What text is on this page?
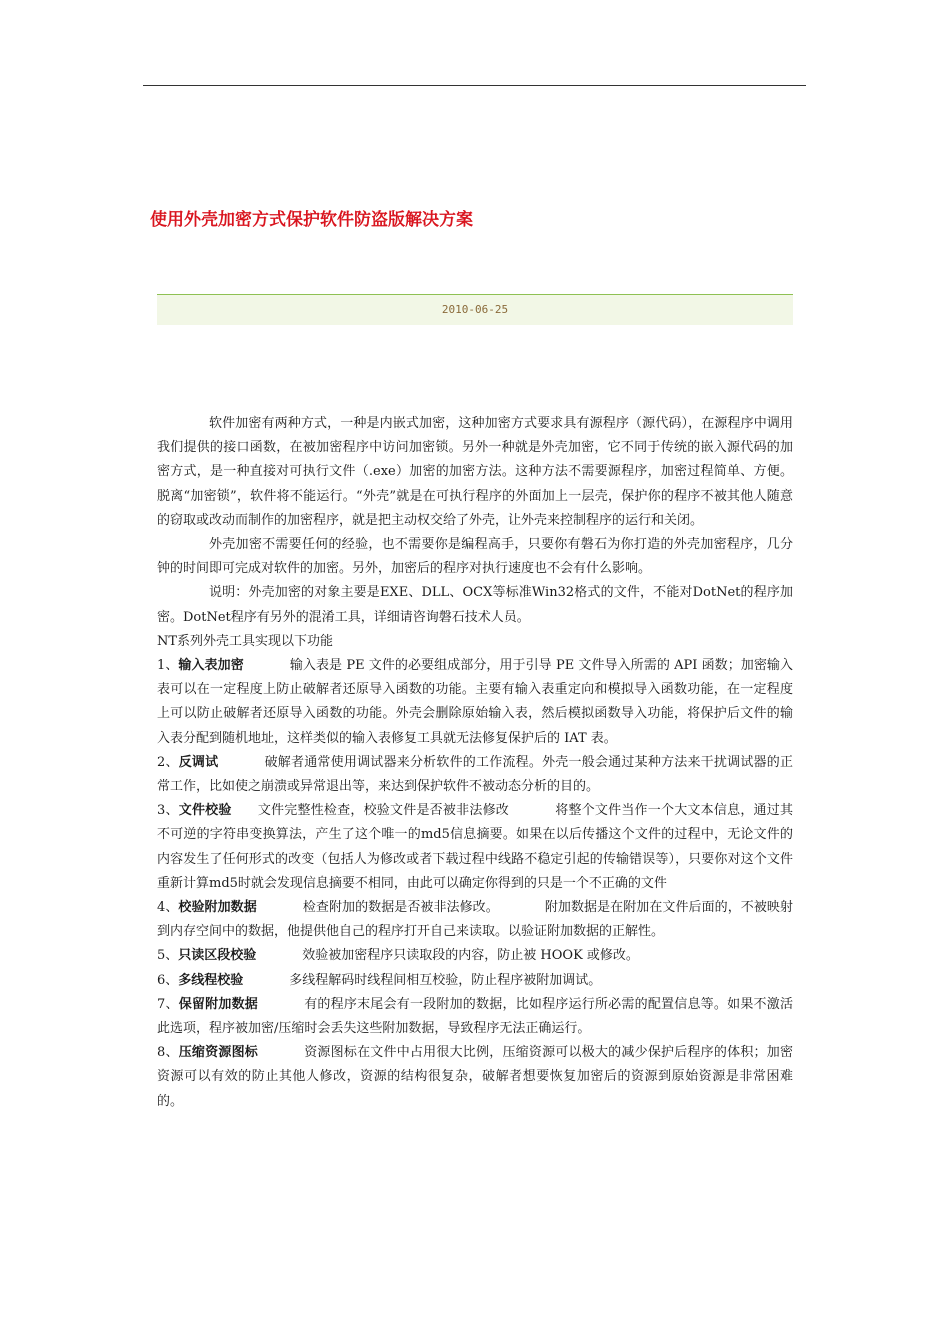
使用外壳加密方式保护软件防盗版解决方案
2010-06-25

软件加密有两种方式，一种是内嵌式加密，这种加密方式要求具有源程序（源代码），在源程序中调用我们提供的接口函数，在被加密程序中访问加密锁。另外一种就是外壳加密，它不同于传统的嵌入源代码的加密方式，是一种直接对可执行文件（.exe）加密的加密方法。这种方法不需要源程序，加密过程简单、方便。脱离“加密锁”，软件将不能运行。“外壳”就是在可执行程序的外面加上一层壳，保护你的程序不被其他人随意的窃取或改动而制作的加密程序，就是把主动权交给了外壳，让外壳来控制程序的运行和关闭。

外壳加密不需要任何的经验，也不需要你是编程高手，只要你有磐石为你打造的外壳加密程序，几分钟的时间即可完成对软件的加密。另外，加密后的程序对执行速度也不会有什么影响。

说明：外壳加密的对象主要是EXE、DLL、OCX等标准Win32格式的文件，不能对DotNet的程序加密。DotNet程序有另外的混淆工具，详细请咨询磐石技术人员。

NT系列外壳工具实现以下功能

1、输入表加密	输入表是 PE 文件的必要组成部分，用于引导 PE 文件导入所需的 API 函数；加密输入表可以在一定程度上防止破解者还原导入函数的功能。主要有输入表重定向和模拟导入函数功能，在一定程度上可以防止破解者还原导入函数的功能。外壳会删除原始输入表，然后模拟函数导入功能，将保护后文件的输入表分配到随机地址，这样类似的输入表修复工具就无法修复保护后的 IAT 表。

2、反调试	破解者通常使用调试器来分析软件的工作流程。外壳一般会通过某种方法来干扰调试器的正常工作，比如使之崩溃或异常退出等，来达到保护软件不被动态分析的目的。

3、文件校验 文件完整性检查，校验文件是否被非法修改	将整个文件当作一个大文本信息，通过其不可逆的字符串变换算法，产生了这个唯一的md5信息摘要。如果在以后传播这个文件的过程中，无论文件的内容发生了任何形式的改变（包括人为修改或者下载过程中线路不稳定引起的传输错误等），只要你对这个文件重新计算md5时就会发现信息摘要不相同，由此可以确定你得到的只是一个不正确的文件

4、校验附加数据	检查附加的数据是否被非法修改。	附加数据是在附加在文件后面的，不被映射到内存空间中的数据，他提供他自己的程序打开自己来读取。以验证附加数据的正解性。

5、只读区段校验	效验被加密程序只读取段的内容，防止被 HOOK 或修改。

6、多线程校验	多线程解码时线程间相互校验，防止程序被附加调试。

7、保留附加数据	有的程序末尾会有一段附加的数据，比如程序运行所必需的配置信息等。如果不激活此选项，程序被加密/压缩时会丢失这些附加数据，导致程序无法正确运行。

8、压缩资源图标	资源图标在文件中占用很大比例，压缩资源可以极大的减少保护后程序的体积；加密资源可以有效的防止其他人修改，资源的结构很复杂，破解者想要恢复加密后的资源到原始资源是非常困难的。
